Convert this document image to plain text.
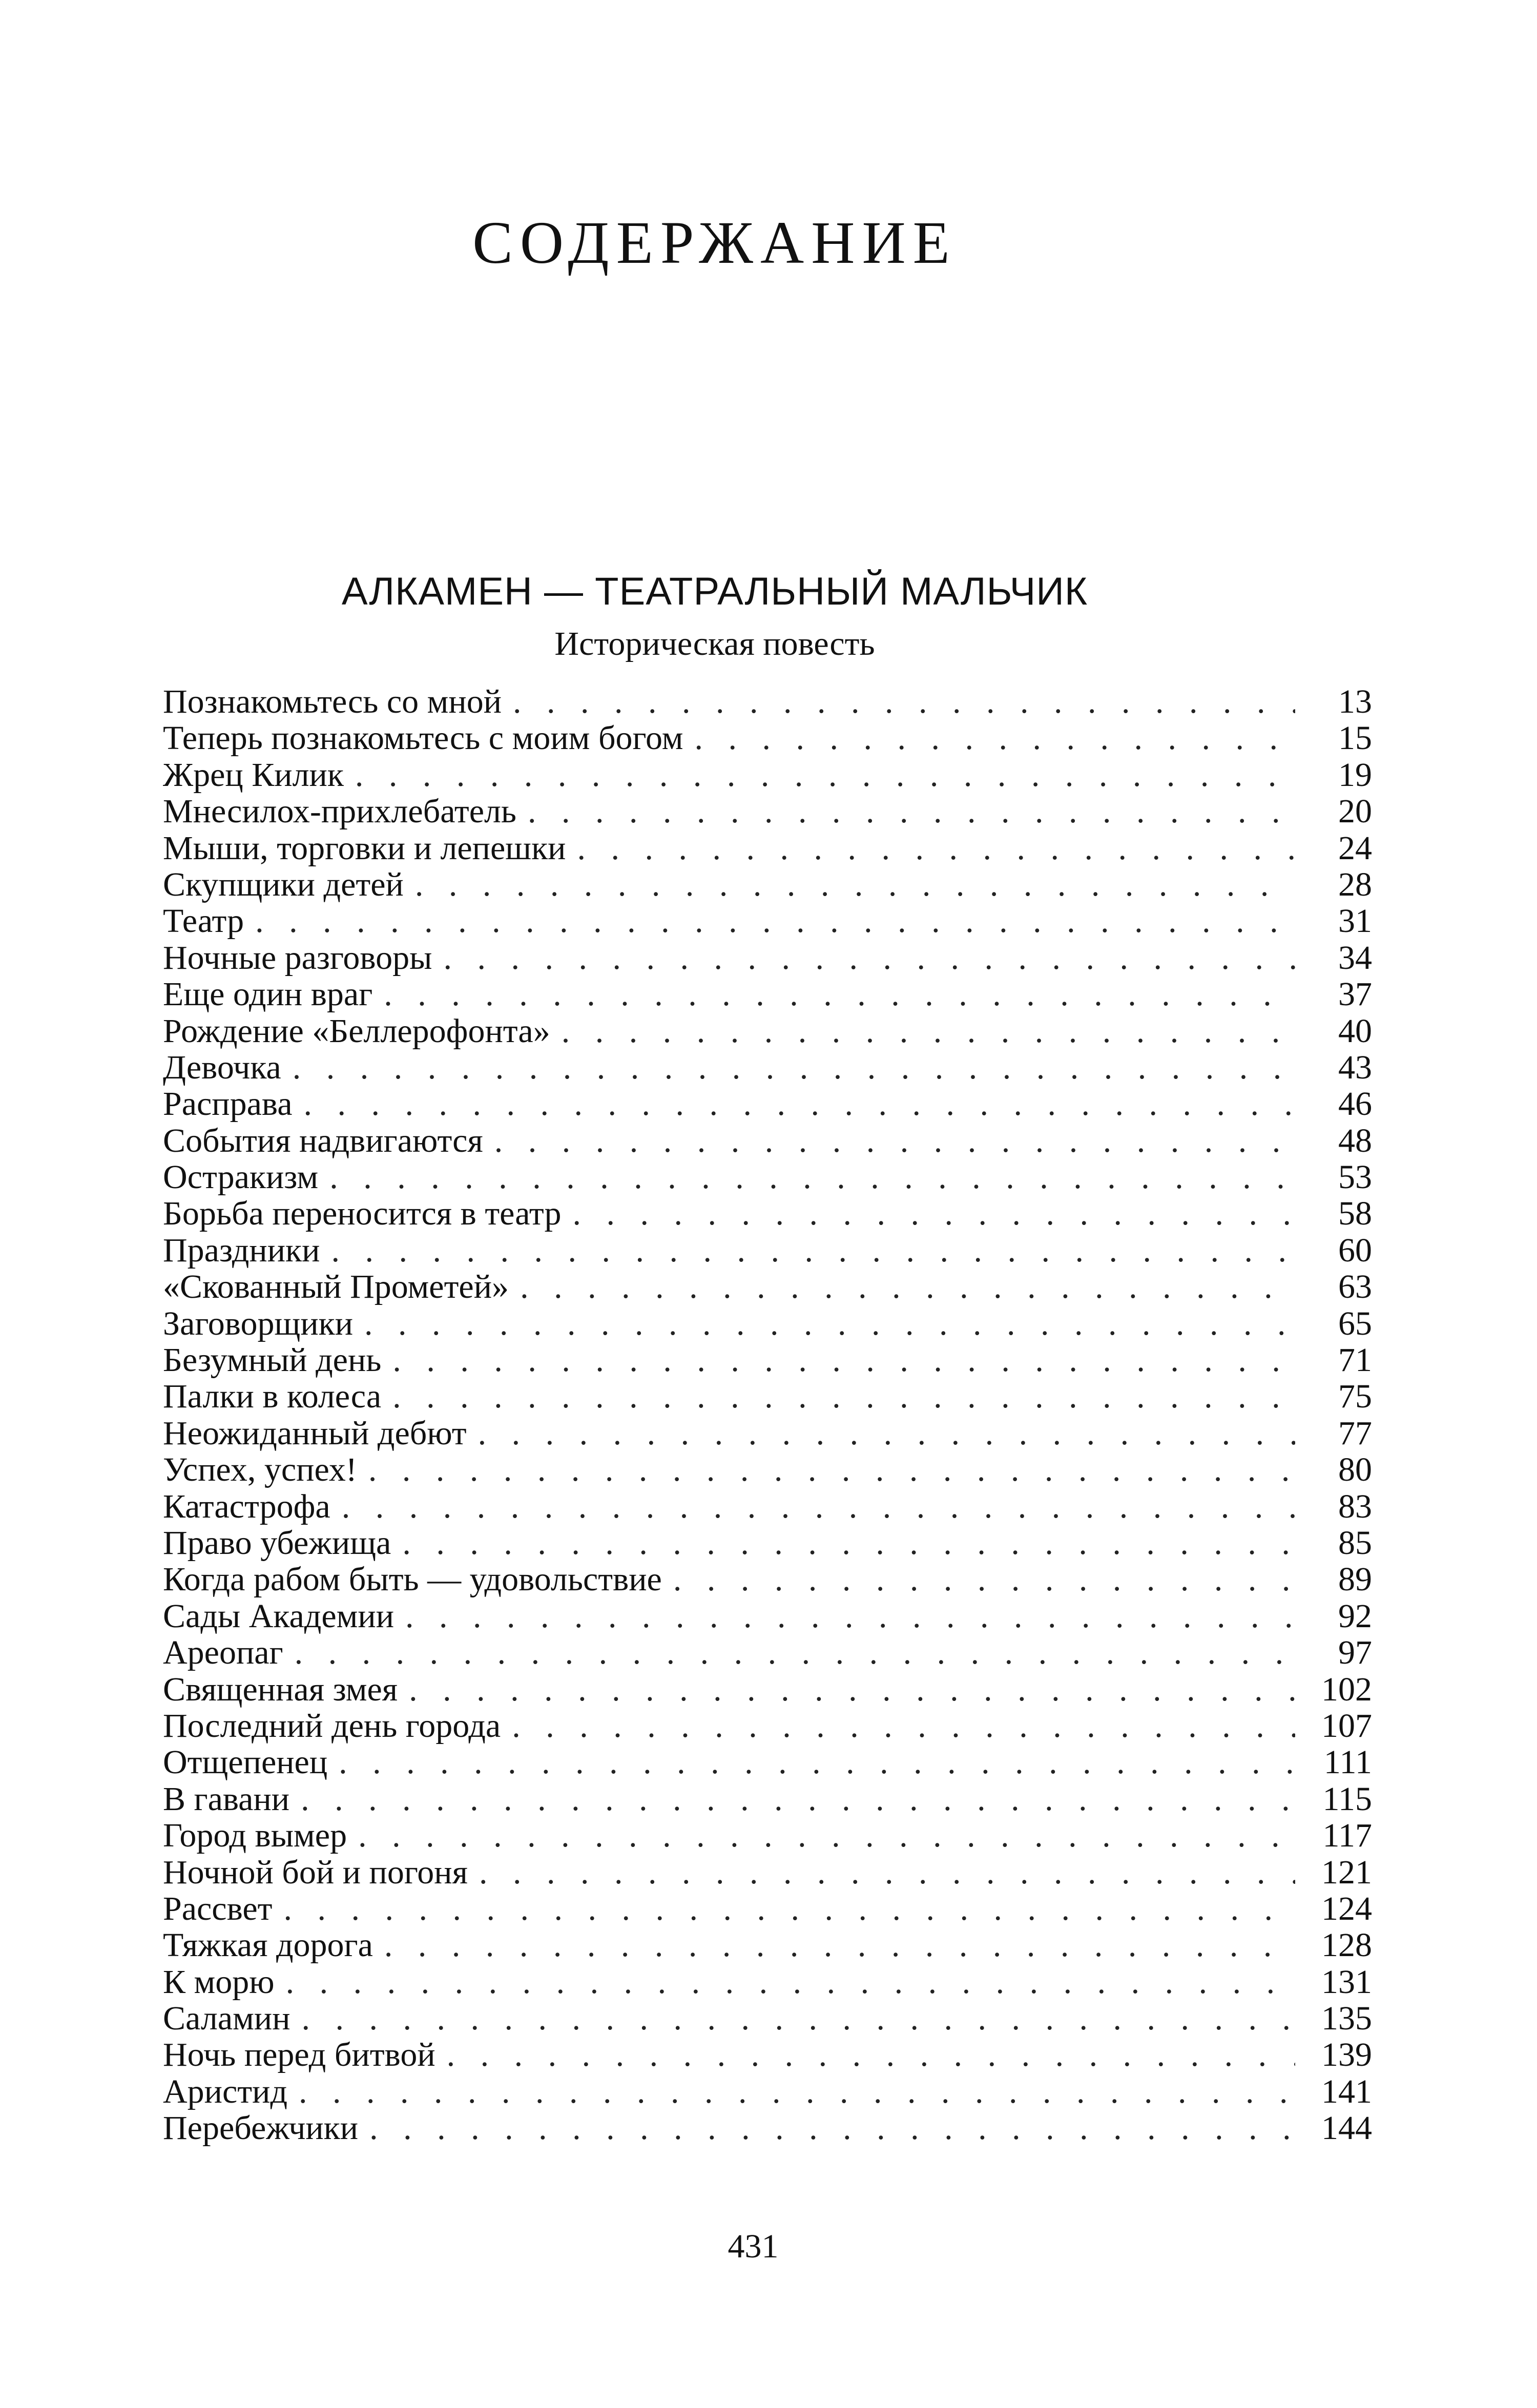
СОДЕРЖАНИЕ
АЛКАМЕН — ТЕАТРАЛЬНЫЙ МАЛЬЧИК
Историческая повесть
Познакомьтесь со мной . .	13
Теперь познакомьтесь с моим богом . .	15
Жрец Килик . .	19
Мнесилох-прихлебатель . .	20
Мыши, торговки и лепешки . .	24
Скупщики детей . .	28
Театр . .	31
Ночные разговоры . .	34
Еще один враг . .	37
Рождение «Беллерофонта» . .	40
Девочка . .	43
Расправа . .	46
События надвигаются . .	48
Остракизм . .	53
Борьба переносится в театр . .	58
Праздники . .	60
«Скованный Прометей» . .	63
Заговорщики . .	65
Безумный день . .	71
Палки в колеса . .	75
Неожиданный дебют . .	77
Успех, успех! . .	80
Катастрофа . .	83
Право убежища . .	85
Когда рабом быть — удовольствие . .	89
Сады Академии . .	92
Ареопаг . .	97
Священная змея . .	102
Последний день города . .	107
Отщепенец . .	111
В гавани . .	115
Город вымер . .	117
Ночной бой и погоня . .	121
Рассвет . .	124
Тяжкая дорога . .	128
К морю . .	131
Саламин . .	135
Ночь перед битвой . .	139
Аристид . .	141
Перебежчики . .	144
431
